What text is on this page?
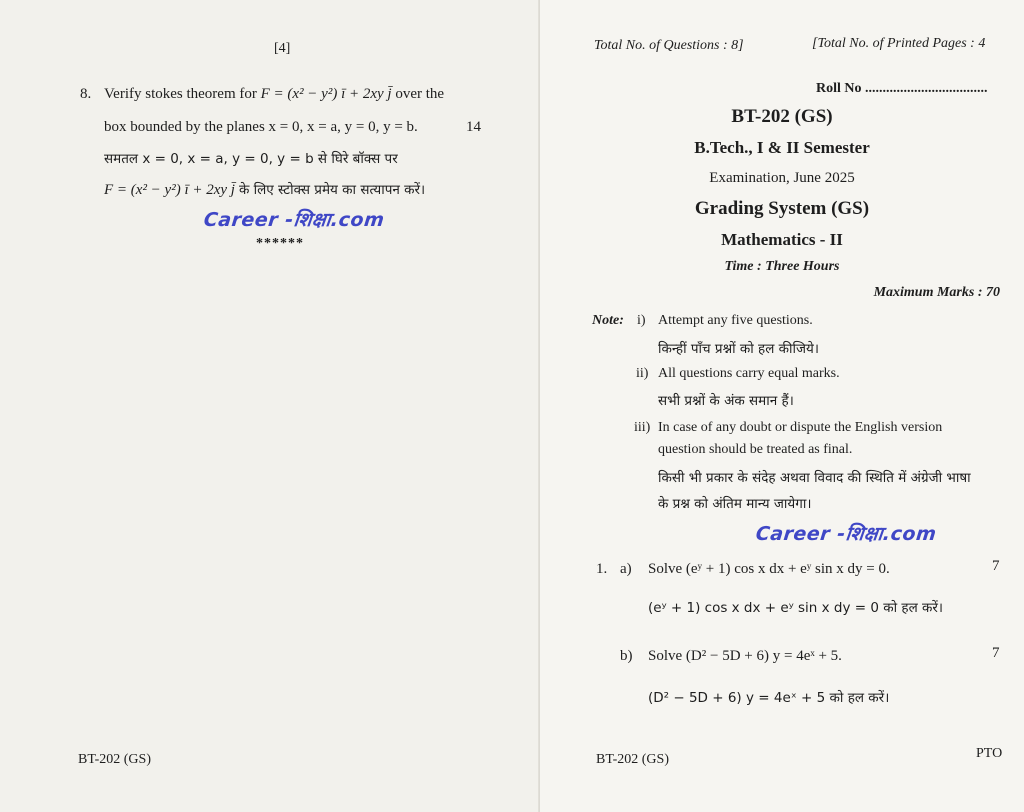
[4]
8. Verify stokes theorem for F = (x² − y²) ī + 2xy j̄ over the
box bounded by the planes x = 0, x = a, y = 0, y = b.	14
समतल x = 0, x = a, y = 0, y = b से घिरे बॉक्स पर
F = (x² − y²) ī + 2xy j̄ के लिए स्टोक्स प्रमेय का सत्यापन करें।
Career -शिक्षा.com
******
BT-202 (GS)
Total No. of Questions : 8]	[Total No. of Printed Pages : 4
Roll No ...................................
BT-202 (GS)
B.Tech., I & II Semester
Examination, June 2025
Grading System (GS)
Mathematics - II
Time : Three Hours
Maximum Marks : 70
Note: i) Attempt any five questions.
किन्हीं पाँच प्रश्नों को हल कीजिये।
ii) All questions carry equal marks.
सभी प्रश्नों के अंक समान हैं।
iii) In case of any doubt or dispute the English version
question should be treated as final.
किसी भी प्रकार के संदेह अथवा विवाद की स्थिति में अंग्रेजी भाषा
के प्रश्न को अंतिम मान्य जायेगा।
Career -शिक्षा.com
1. a) Solve (eʸ + 1) cos x dx + eʸ sin x dy = 0.	7
(eʸ + 1) cos x dx + eʸ sin x dy = 0 को हल करें।
b) Solve (D² − 5D + 6) y = 4eˣ + 5.	7
(D² − 5D + 6) y = 4eˣ + 5 को हल करें।
BT-202 (GS)	PTO
